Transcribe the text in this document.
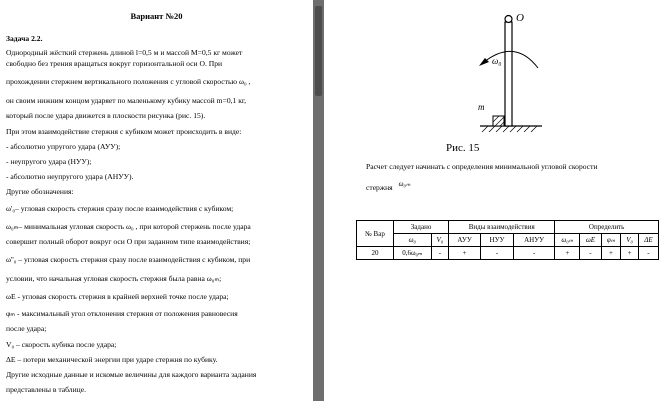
Вариант №20
Задача 2.2.
Однородный жёсткий стержень длиной l=0,5 м и массой M=0,5 кг может
свободно без трения вращаться вокруг горизонтальной оси O. При
прохождении стержнем вертикального положения с угловой скоростью ω₀ ,
он своим нижним концом ударяет по маленькому кубику массой m=0,1 кг,
который после удара движется в плоскости рисунка (рис. 15).
При этом взаимодействие стержня с кубиком может происходить в виде:
- абсолютно упругого удара (АУУ);
- неупругого удара (НУУ);
- абсолютно неупругого удара (АНУУ).
Другие обозначения:
ω'₀– угловая скорость стержня сразу после взаимодействия с кубиком;
ω₀ₘ– минимальная угловая скорость ω₀ , при которой стержень после удара
совершит полный оборот вокруг оси O при заданном типе взаимодействия;
ω''₀ – угловая скорость стержня сразу после взаимодействия с кубиком, при
условии, что начальная угловая скорость стержня была равна ω₀ₘ;
ωE - угловая скорость стержня в крайней верхней точке после удара;
φₘ - максимальный угол отклонения стержня от положения равновесия
после удара;
V₀ – скорость кубика после удара;
ΔE – потери механической энергии при ударе стержня по кубику.
Другие исходные данные и искомые величины для каждого варианта задания
представлены в таблице.
O
ω₀
m
Рис. 15
Расчет следует начинать с определения минимальной угловой скорости
стержня ω₀ₘ
№ Вар	Задано		Виды взаимодействия			Определить				
	ω₀	V₀	АУУ	НУУ	АНУУ	ω₀ₘ	ωE	φₘ	V₀	ΔE
20	0,6ω₀ₘ	-	+	-	-	+	-	+	+	-
